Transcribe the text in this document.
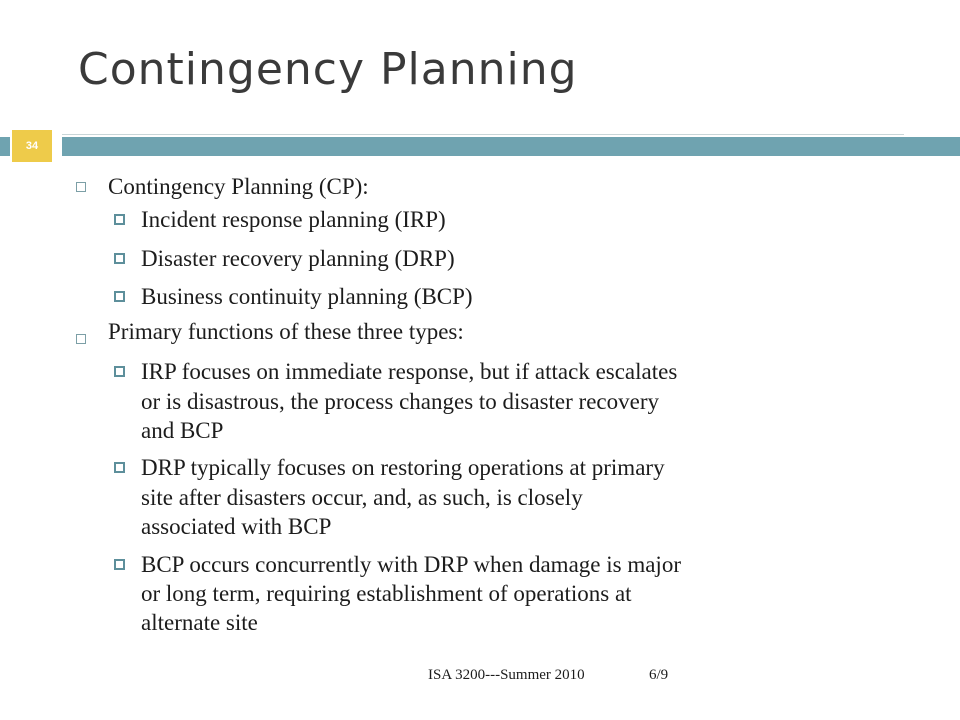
Contingency Planning
34

Contingency Planning (CP):

Incident response planning (IRP)

Disaster recovery planning (DRP)

Business continuity planning (BCP)

Primary functions of these three types:

IRP focuses on immediate response, but if attack escalates

or is disastrous, the process changes to disaster recovery

and BCP

DRP typically focuses on restoring operations at primary

site after disasters occur, and, as such, is closely

associated with BCP

BCP occurs concurrently with DRP when damage is major

or long term, requiring establishment of operations at

alternate site

ISA 3200---Summer 2010	6/9
